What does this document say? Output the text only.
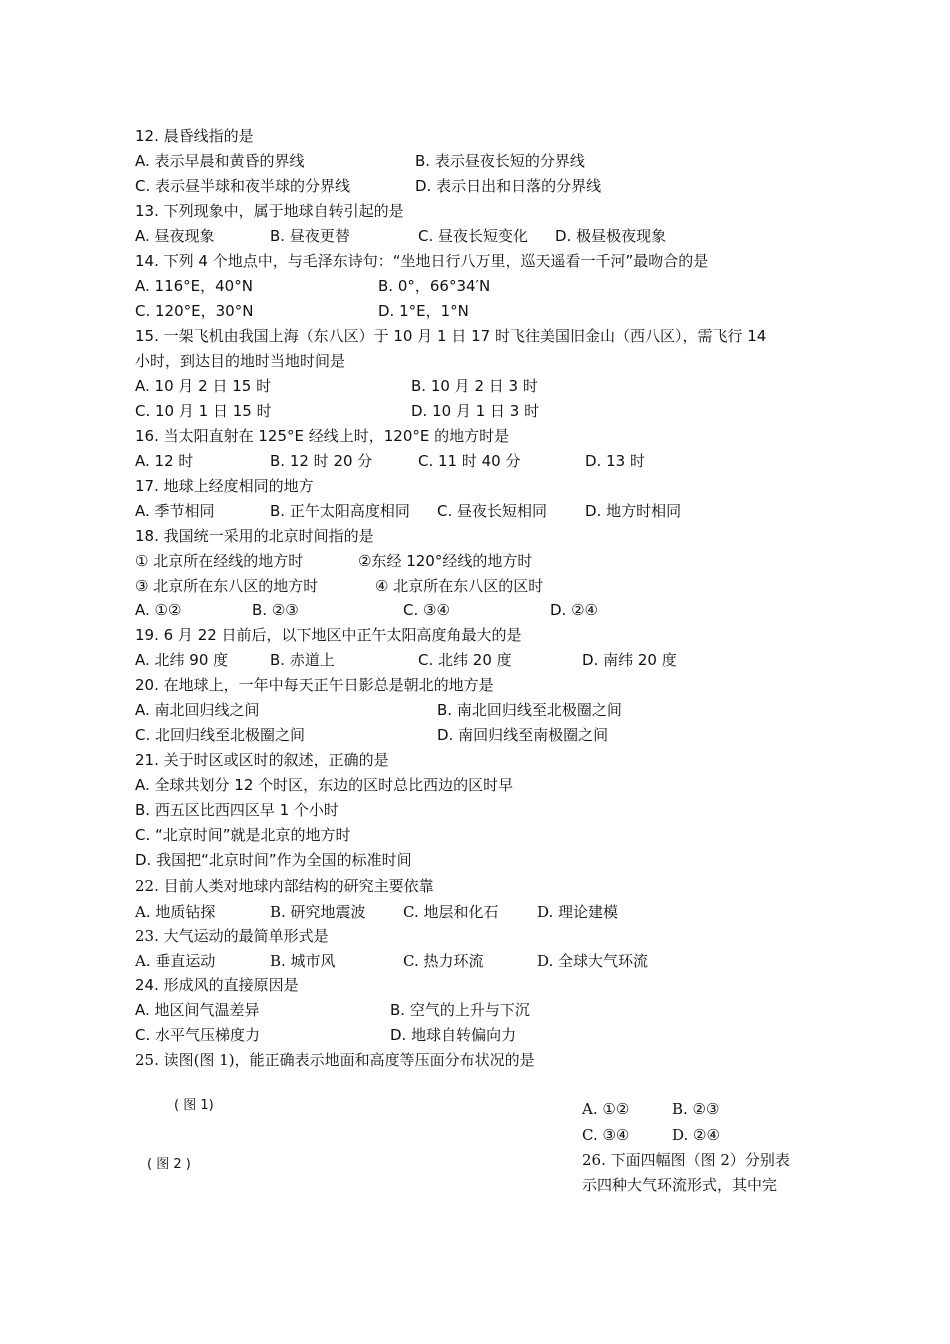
12. 晨昏线指的是
A. 表示早晨和黄昏的界线	B. 表示昼夜长短的分界线
C. 表示昼半球和夜半球的分界线	D. 表示日出和日落的分界线
13. 下列现象中，属于地球自转引起的是
A. 昼夜现象	B. 昼夜更替	C. 昼夜长短变化 D. 极昼极夜现象
14. 下列 4 个地点中，与毛泽东诗句：“坐地日行八万里，巡天遥看一千河”最吻合的是
A. 116°E，40°N	B. 0°，66°34′N
C. 120°E，30°N	D. 1°E，1°N
15. 一架飞机由我国上海（东八区）于 10 月 1 日 17 时飞往美国旧金山（西八区），需飞行 14
小时，到达目的地时当地时间是
A. 10 月 2 日 15 时	B. 10 月 2 日 3 时
C. 10 月 1 日 15 时	D. 10 月 1 日 3 时
16. 当太阳直射在 125°E 经线上时，120°E 的地方时是
A. 12 时	B. 12 时 20 分	C. 11 时 40 分	D. 13 时
17. 地球上经度相同的地方
A. 季节相同	B. 正午太阳高度相同 C. 昼夜长短相同	D. 地方时相同
18. 我国统一采用的北京时间指的是
① 北京所在经线的地方时	②东经 120°经线的地方时
③ 北京所在东八区的地方时	④ 北京所在东八区的区时
A. ①②	B. ②③	C. ③④	D. ②④
19. 6 月 22 日前后，以下地区中正午太阳高度角最大的是
A. 北纬 90 度	B. 赤道上	C. 北纬 20 度	D. 南纬 20 度
20. 在地球上，一年中每天正午日影总是朝北的地方是
A. 南北回归线之间	B. 南北回归线至北极圈之间
C. 北回归线至北极圈之间	D. 南回归线至南极圈之间
21. 关于时区或区时的叙述，正确的是
A. 全球共划分 12 个时区，东边的区时总比西边的区时早
B. 西五区比西四区早 1 个小时
C. “北京时间”就是北京的地方时
D. 我国把“北京时间”作为全国的标准时间
22. 目前人类对地球内部结构的研究主要依靠
A. 地质钻探	B. 研究地震波 C. 地层和化石	D. 理论建模
23. 大气运动的最简单形式是
A. 垂直运动	B. 城市风	C. 热力环流	D. 全球大气环流
24. 形成风的直接原因是
A. 地区间气温差异	B. 空气的上升与下沉
C. 水平气压梯度力	D. 地球自转偏向力
25. 读图(图 1)，能正确表示地面和高度等压面分布状况的是
( 图 1)	A. ①②	B. ②③
C. ③④	D. ②④
( 图 2 )	26. 下面四幅图（图 2）分别表
示四种大气环流形式，其中完
